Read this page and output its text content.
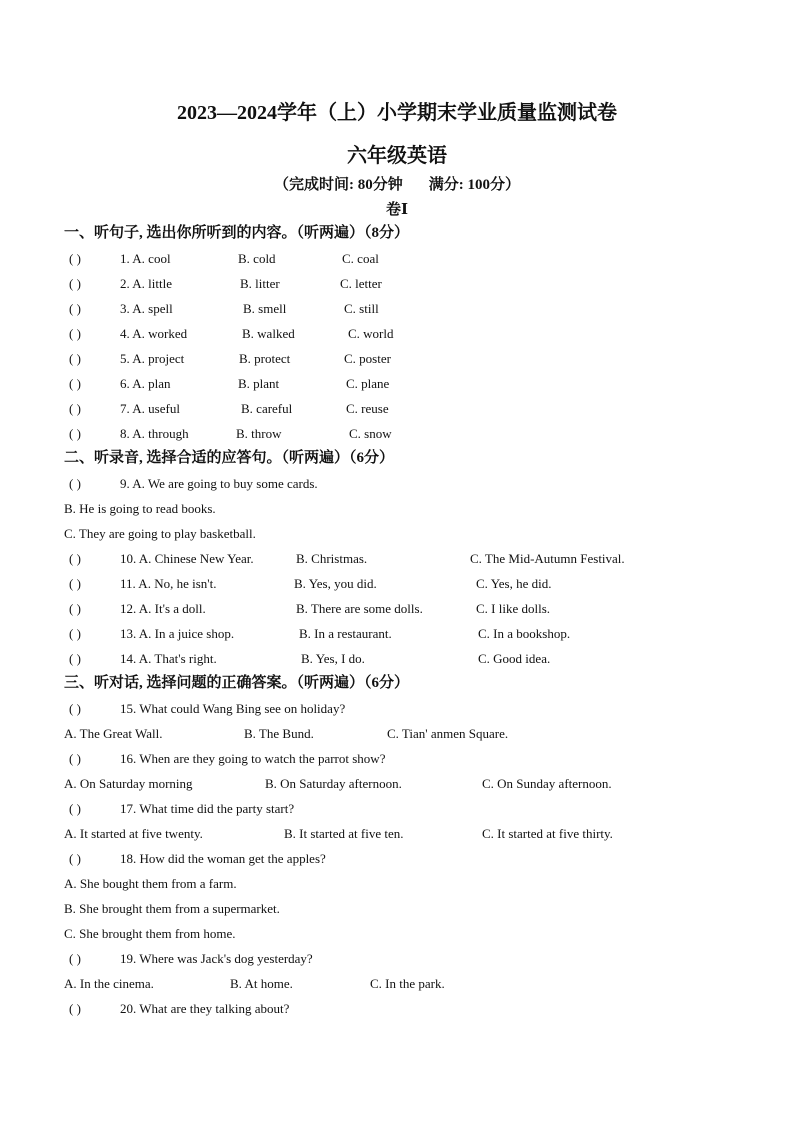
2023—2024学年（上）小学期末学业质量监测试卷
六年级英语
（完成时间: 80分钟 满分: 100分）
卷Ⅰ
一、听句子, 选出你所听到的内容。（听两遍）（8分）
( )	1. A. cool	B. cold	C. coal
( )	2. A. little	B. litter	C. letter
( )	3. A. spell	B. smell	C. still
( )	4. A. worked	B. walked	C. world
( )	5. A. project	B. protect	C. poster
( )	6. A. plan	B. plant	C. plane
( )	7. A. useful	B. careful	C. reuse
( )	8. A. through	B. throw	C. snow
二、听录音, 选择合适的应答句。（听两遍）（6分）
( )	9. A. We are going to buy some cards.
B. He is going to read books.
C. They are going to play basketball.
( )	10. A. Chinese New Year.	B. Christmas.	C. The Mid-Autumn Festival.
( )	11. A. No, he isn't.	B. Yes, you did.	C. Yes, he did.
( )	12. A. It's a doll.	B. There are some dolls.	C. I like dolls.
( )	13. A. In a juice shop.	B. In a restaurant.	C. In a bookshop.
( )	14. A. That's right.	B. Yes, I do.	C. Good idea.
三、听对话, 选择问题的正确答案。（听两遍）（6分）
( )	15. What could Wang Bing see on holiday?
A. The Great Wall.	B. The Bund.	C. Tian' anmen Square.
( )	16. When are they going to watch the parrot show?
A. On Saturday morning	B. On Saturday afternoon.	C. On Sunday afternoon.
( )	17. What time did the party start?
A. It started at five twenty.	B. It started at five ten.	C. It started at five thirty.
( )	18. How did the woman get the apples?
A. She bought them from a farm.
B. She brought them from a supermarket.
C. She brought them from home.
( )	19. Where was Jack's dog yesterday?
A. In the cinema.	B. At home.	C. In the park.
( )	20. What are they talking about?
